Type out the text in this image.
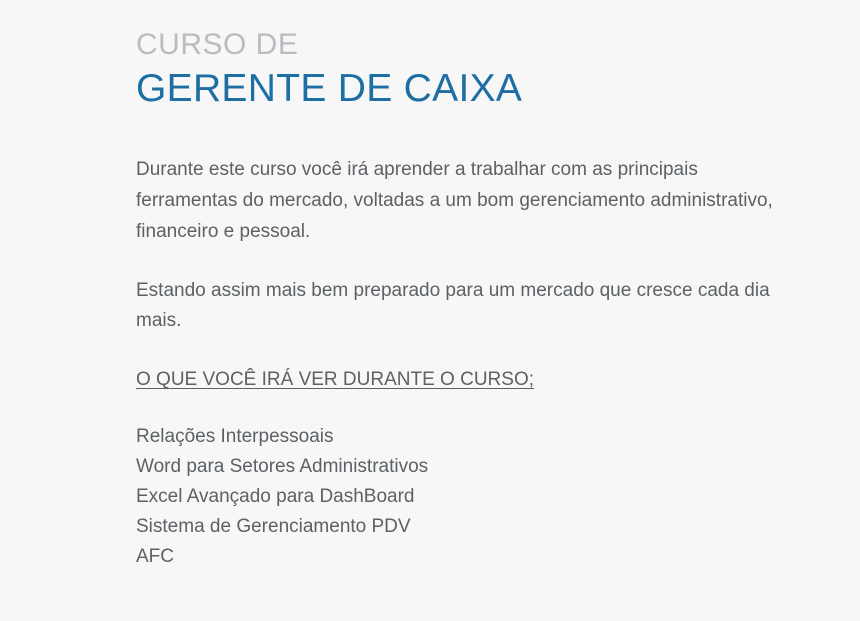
CURSO DE
GERENTE DE CAIXA

Durante este curso você irá aprender a trabalhar com as principais ferramentas do mercado, voltadas a um bom gerenciamento administrativo, financeiro e pessoal.

Estando assim mais bem preparado para um mercado que cresce cada dia mais.

O QUE VOCÊ IRÁ VER DURANTE O CURSO;
Relações Interpessoais
Word para Setores Administrativos
Excel Avançado para DashBoard
Sistema de Gerenciamento PDV
AFC
